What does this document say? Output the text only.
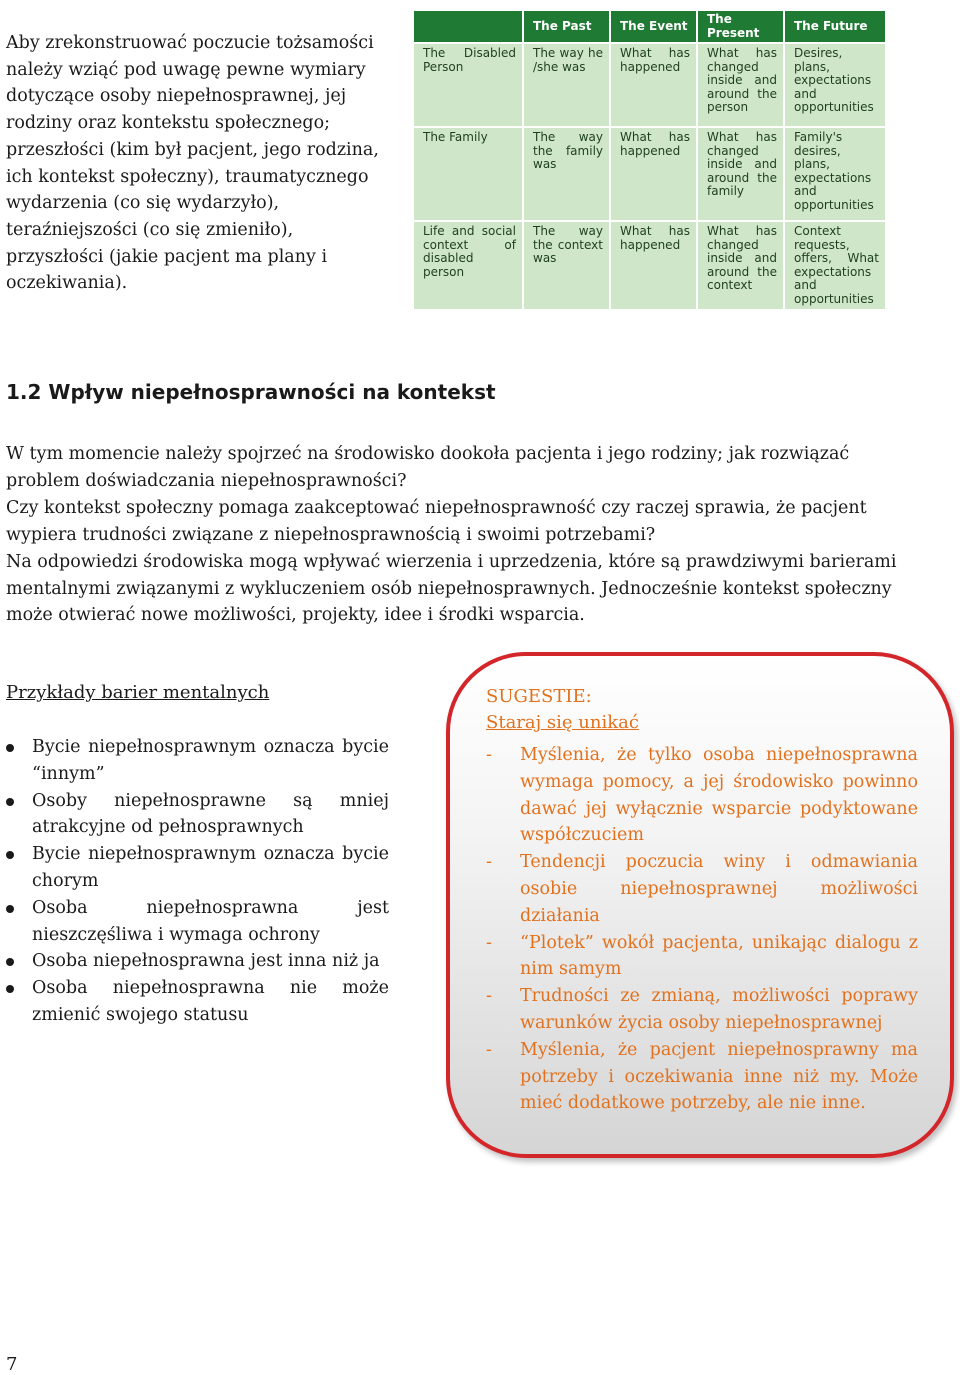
Aby zrekonstruować poczucie tożsamości należy wziąć pod uwagę pewne wymiary dotyczące osoby niepełnosprawnej, jej rodziny oraz kontekstu społecznego; przeszłości (kim był pacjent, jego rodzina, ich kontekst społeczny), traumatycznego wydarzenia (co się wydarzyło), teraźniejszości (co się zmieniło), przyszłości (jakie pacjent ma plany i oczekiwania).

	The Past	The Event	The Present	The Future
The Disabled Person	The way he /she was	What has happened	What has changed inside and around the person	Desires, plans, expectations and opportunities
The Family	The way the family was	What has happened	What has changed inside and around the family	Family's desires, plans, expectations and opportunities
Life and social context of disabled person	The way the context was	What has happened	What has changed inside and around the context	Context requests, offers, What expectations and opportunities
1.2 Wpływ niepełnosprawności na kontekst

W tym momencie należy spojrzeć na środowisko dookoła pacjenta i jego rodziny; jak rozwiązać problem doświadczania niepełnosprawności?

Czy kontekst społeczny pomaga zaakceptować niepełnosprawność czy raczej sprawia, że pacjent wypiera trudności związane z niepełnosprawnością i swoimi potrzebami?

Na odpowiedzi środowiska mogą wpływać wierzenia i uprzedzenia, które są prawdziwymi barierami mentalnymi związanymi z wykluczeniem osób niepełnosprawnych. Jednocześnie kontekst społeczny może otwierać nowe możliwości, projekty, idee i środki wsparcia.

Przykłady barier mentalnych

Bycie niepełnosprawnym oznacza bycie “innym”
Osoby niepełnosprawne są mniej atrakcyjne od pełnosprawnych
Bycie niepełnosprawnym oznacza bycie chorym
Osoba niepełnosprawna jest nieszczęśliwa i wymaga ochrony
Osoba niepełnosprawna jest inna niż ja
Osoba niepełnosprawna nie może zmienić swojego statusu

SUGESTIE:

Staraj się unikać

- Myślenia, że tylko osoba niepełnosprawna wymaga pomocy, a jej środowisko powinno dawać jej wyłącznie wsparcie podyktowane współczuciem
- Tendencji poczucia winy i odmawiania osobie niepełnosprawnej możliwości działania
- “Plotek” wokół pacjenta, unikając dialogu z nim samym
- Trudności ze zmianą, możliwości poprawy warunków życia osoby niepełnosprawnej
- Myślenia, że pacjent niepełnosprawny ma potrzeby i oczekiwania inne niż my. Może mieć dodatkowe potrzeby, ale nie inne.

7
